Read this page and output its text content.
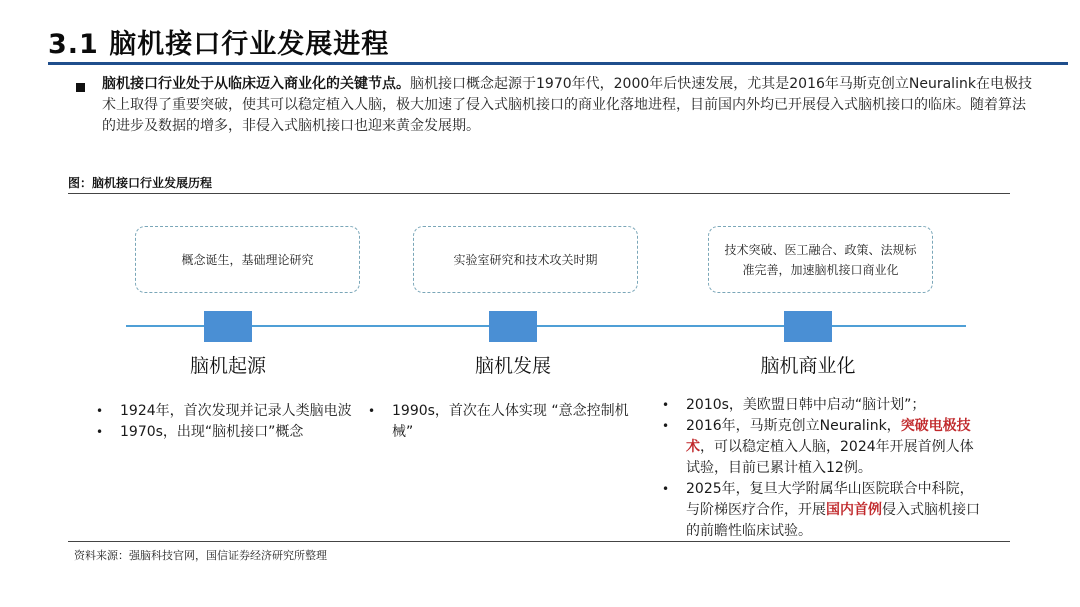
3.1 脑机接口行业发展进程
脑机接口行业处于从临床迈入商业化的关键节点。脑机接口概念起源于1970年代，2000年后快速发展，尤其是2016年马斯克创立Neuralink在电极技术上取得了重要突破，使其可以稳定植入人脑，极大加速了侵入式脑机接口的商业化落地进程，目前国内外均已开展侵入式脑机接口的临床。随着算法的进步及数据的增多，非侵入式脑机接口也迎来黄金发展期。
图：脑机接口行业发展历程
概念诞生，基础理论研究	实验室研究和技术攻关时期
技术突破、医工融合、政策、法规标准完善，加速脑机接口商业化
脑机起源	脑机发展	脑机商业化
• 1924年，首次发现并记录人类脑电波
• 1970s，出现“脑机接口”概念
• 1990s，首次在人体实现 “意念控制机械”
• 2010s，美欧盟日韩中启动“脑计划”；
• 2016年，马斯克创立Neuralink，突破电极技术，可以稳定植入人脑，2024年开展首例人体试验，目前已累计植入12例。
• 2025年，复旦大学附属华山医院联合中科院，与阶梯医疗合作，开展国内首例侵入式脑机接口的前瞻性临床试验。
资料来源：强脑科技官网，国信证券经济研究所整理
